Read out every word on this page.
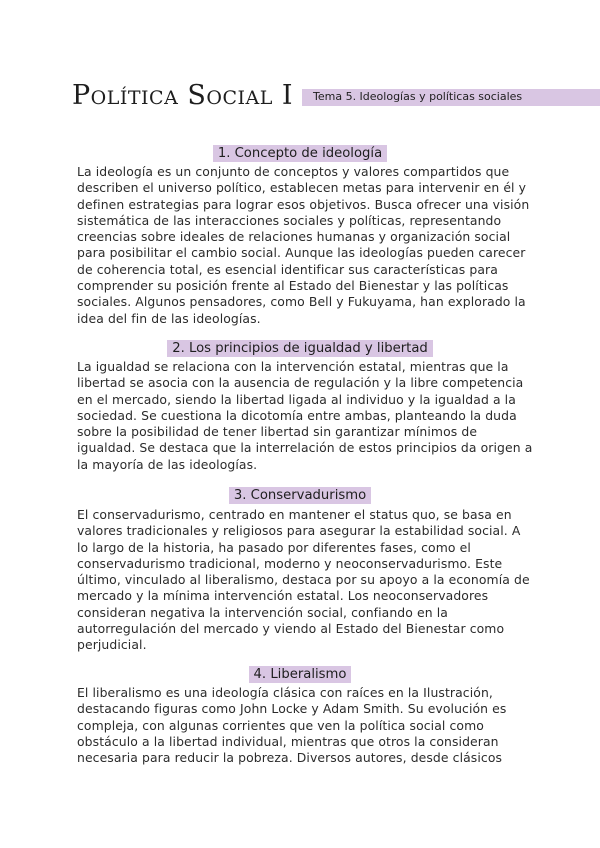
Política Social I Tema 5. Ideologías y políticas sociales
1. Concepto de ideología

La ideología es un conjunto de conceptos y valores compartidos que describen el universo político, establecen metas para intervenir en él y definen estrategias para lograr esos objetivos. Busca ofrecer una visión sistemática de las interacciones sociales y políticas, representando creencias sobre ideales de relaciones humanas y organización social para posibilitar el cambio social. Aunque las ideologías pueden carecer de coherencia total, es esencial identificar sus características para comprender su posición frente al Estado del Bienestar y las políticas sociales. Algunos pensadores, como Bell y Fukuyama, han explorado la idea del fin de las ideologías.

2. Los principios de igualdad y libertad

La igualdad se relaciona con la intervención estatal, mientras que la libertad se asocia con la ausencia de regulación y la libre competencia en el mercado, siendo la libertad ligada al individuo y la igualdad a la sociedad. Se cuestiona la dicotomía entre ambas, planteando la duda sobre la posibilidad de tener libertad sin garantizar mínimos de igualdad. Se destaca que la interrelación de estos principios da origen a la mayoría de las ideologías.

3. Conservadurismo

El conservadurismo, centrado en mantener el status quo, se basa en valores tradicionales y religiosos para asegurar la estabilidad social. A lo largo de la historia, ha pasado por diferentes fases, como el conservadurismo tradicional, moderno y neoconservadurismo. Este último, vinculado al liberalismo, destaca por su apoyo a la economía de mercado y la mínima intervención estatal. Los neoconservadores consideran negativa la intervención social, confiando en la autorregulación del mercado y viendo al Estado del Bienestar como perjudicial.

4. Liberalismo

El liberalismo es una ideología clásica con raíces en la Ilustración, destacando figuras como John Locke y Adam Smith. Su evolución es compleja, con algunas corrientes que ven la política social como obstáculo a la libertad individual, mientras que otros la consideran necesaria para reducir la pobreza. Diversos autores, desde clásicos
